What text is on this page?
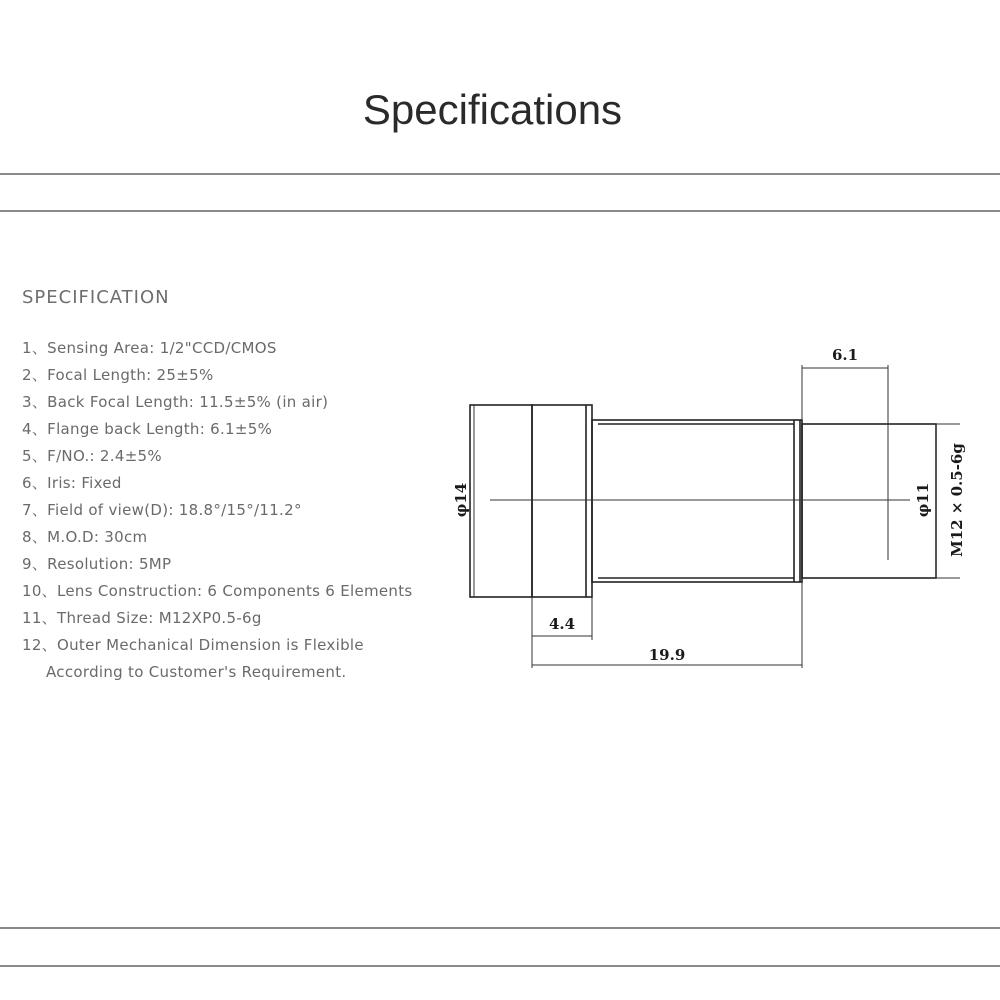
Specifications
SPECIFICATION
1、Sensing Area: 1/2"CCD/CMOS
2、Focal Length: 25±5%
3、Back Focal Length: 11.5±5% (in air)
4、Flange back Length: 6.1±5%
5、F/NO.: 2.4±5%
6、Iris: Fixed
7、Field of view(D): 18.8°/15°/11.2°
8、M.O.D: 30cm
9、Resolution: 5MP
10、Lens Construction: 6 Components 6 Elements
11、Thread Size: M12XP0.5-6g
12、Outer Mechanical Dimension is Flexible
According to Customer's Requirement.
6.1
4.4
19.9
φ14	φ11 M12 × 0.5-6g
